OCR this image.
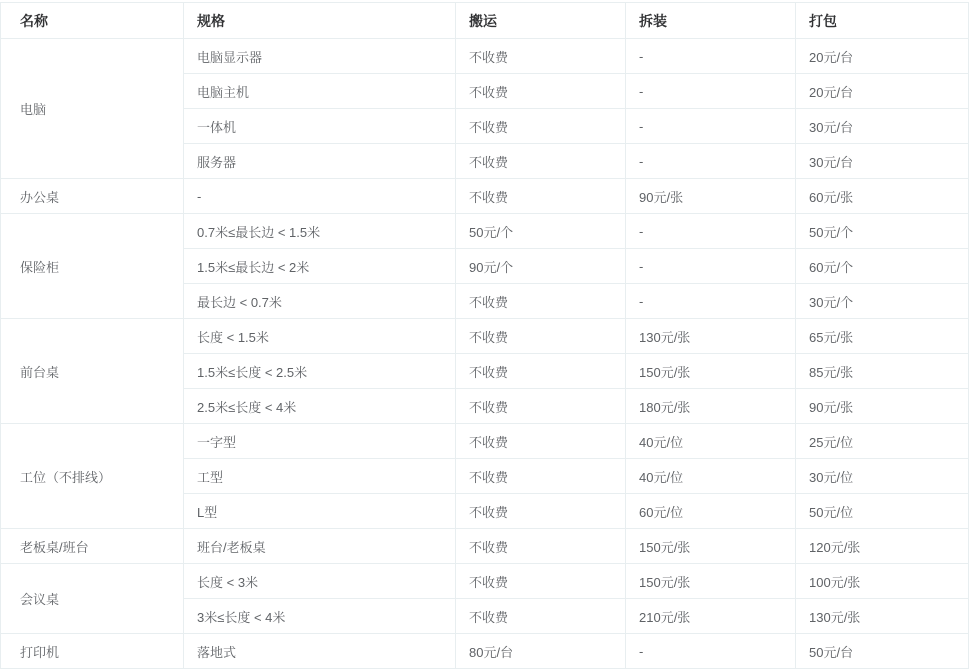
名称	规格	搬运	拆装	打包
电脑	电脑显示器	不收费	-	20元/台
	电脑主机	不收费	-	20元/台
	一体机	不收费	-	30元/台
	服务器	不收费	-	30元/台
办公桌	-	不收费	90元/张	60元/张
保险柜	0.7米≤最长边 < 1.5米	50元/个	-	50元/个
	1.5米≤最长边 < 2米	90元/个	-	60元/个
	最长边 < 0.7米	不收费	-	30元/个
前台桌	长度 < 1.5米	不收费	130元/张	65元/张
	1.5米≤长度 < 2.5米	不收费	150元/张	85元/张
	2.5米≤长度 < 4米	不收费	180元/张	90元/张
工位（不排线）	一字型	不收费	40元/位	25元/位
	工型	不收费	40元/位	30元/位
	L型	不收费	60元/位	50元/位
老板桌/班台	班台/老板桌	不收费	150元/张	120元/张
会议桌	长度 < 3米	不收费	150元/张	100元/张
	3米≤长度 < 4米	不收费	210元/张	130元/张
打印机	落地式	80元/台	-	50元/台
